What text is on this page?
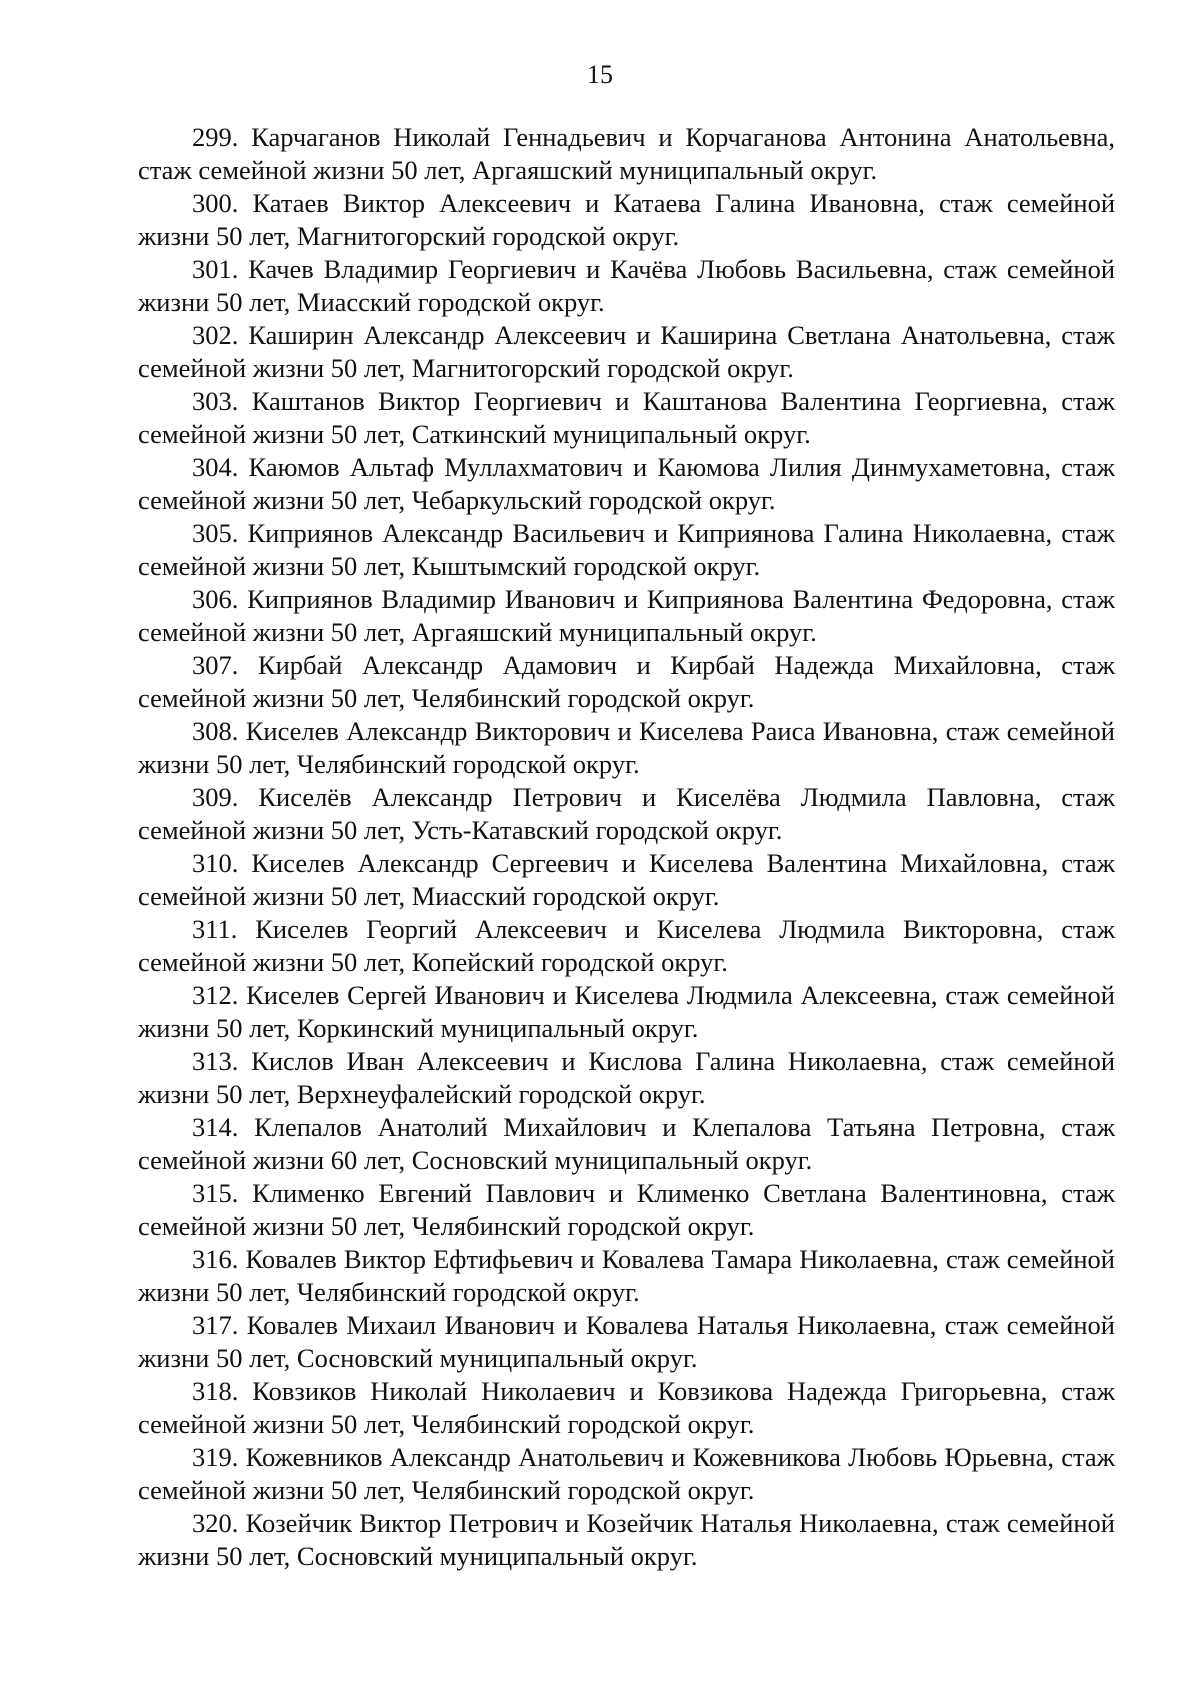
15

299. Карчаганов Николай Геннадьевич и Корчаганова Антонина Анатольевна, стаж семейной жизни 50 лет, Аргаяшский муниципальный округ.

300. Катаев Виктор Алексеевич и Катаева Галина Ивановна, стаж семейной жизни 50 лет, Магнитогорский городской округ.

301. Качев Владимир Георгиевич и Качёва Любовь Васильевна, стаж семейной жизни 50 лет, Миасский городской округ.

302. Каширин Александр Алексеевич и Каширина Светлана Анатольевна, стаж семейной жизни 50 лет, Магнитогорский городской округ.

303. Каштанов Виктор Георгиевич и Каштанова Валентина Георгиевна, стаж семейной жизни 50 лет, Саткинский муниципальный округ.

304. Каюмов Альтаф Муллахматович и Каюмова Лилия Динмухаметовна, стаж семейной жизни 50 лет, Чебаркульский городской округ.

305. Киприянов Александр Васильевич и Киприянова Галина Николаевна, стаж семейной жизни 50 лет, Кыштымский городской округ.

306. Киприянов Владимир Иванович и Киприянова Валентина Федоровна, стаж семейной жизни 50 лет, Аргаяшский муниципальный округ.

307. Кирбай Александр Адамович и Кирбай Надежда Михайловна, стаж семейной жизни 50 лет, Челябинский городской округ.

308. Киселев Александр Викторович и Киселева Раиса Ивановна, стаж семейной жизни 50 лет, Челябинский городской округ.

309. Киселёв Александр Петрович и Киселёва Людмила Павловна, стаж семейной жизни 50 лет, Усть-Катавский городской округ.

310. Киселев Александр Сергеевич и Киселева Валентина Михайловна, стаж семейной жизни 50 лет, Миасский городской округ.

311. Киселев Георгий Алексеевич и Киселева Людмила Викторовна, стаж семейной жизни 50 лет, Копейский городской округ.

312. Киселев Сергей Иванович и Киселева Людмила Алексеевна, стаж семейной жизни 50 лет, Коркинский муниципальный округ.

313. Кислов Иван Алексеевич и Кислова Галина Николаевна, стаж семейной жизни 50 лет, Верхнеуфалейский городской округ.

314. Клепалов Анатолий Михайлович и Клепалова Татьяна Петровна, стаж семейной жизни 60 лет, Сосновский муниципальный округ.

315. Клименко Евгений Павлович и Клименко Светлана Валентиновна, стаж семейной жизни 50 лет, Челябинский городской округ.

316. Ковалев Виктор Ефтифьевич и Ковалева Тамара Николаевна, стаж семейной жизни 50 лет, Челябинский городской округ.

317. Ковалев Михаил Иванович и Ковалева Наталья Николаевна, стаж семейной жизни 50 лет, Сосновский муниципальный округ.

318. Ковзиков Николай Николаевич и Ковзикова Надежда Григорьевна, стаж семейной жизни 50 лет, Челябинский городской округ.

319. Кожевников Александр Анатольевич и Кожевникова Любовь Юрьевна, стаж семейной жизни 50 лет, Челябинский городской округ.

320. Козейчик Виктор Петрович и Козейчик Наталья Николаевна, стаж семейной жизни 50 лет, Сосновский муниципальный округ.
